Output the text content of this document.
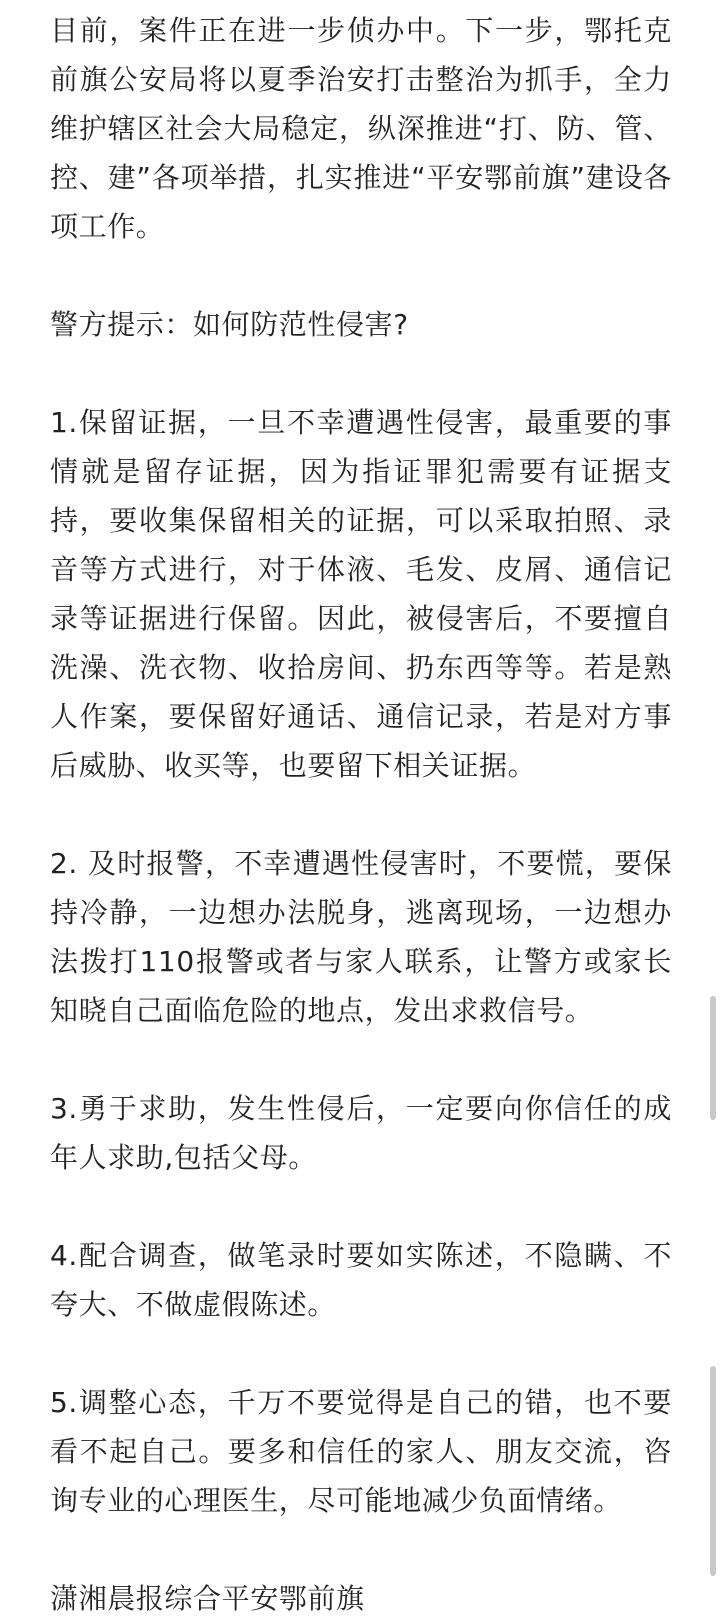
目前，案件正在进一步侦办中。下一步，鄂托克前旗公安局将以夏季治安打击整治为抓手，全力维护辖区社会大局稳定，纵深推进“打、防、管、控、建”各项举措，扎实推进“平安鄂前旗”建设各项工作。

警方提示：如何防范性侵害?

1.保留证据，一旦不幸遭遇性侵害，最重要的事情就是留存证据，因为指证罪犯需要有证据支持，要收集保留相关的证据，可以采取拍照、录音等方式进行，对于体液、毛发、皮屑、通信记录等证据进行保留。因此，被侵害后，不要擅自洗澡、洗衣物、收拾房间、扔东西等等。若是熟人作案，要保留好通话、通信记录，若是对方事后威胁、收买等，也要留下相关证据。

2. 及时报警，不幸遭遇性侵害时，不要慌，要保持冷静，一边想办法脱身，逃离现场，一边想办法拨打110报警或者与家人联系，让警方或家长知晓自己面临危险的地点，发出求救信号。

3.勇于求助，发生性侵后，一定要向你信任的成年人求助,包括父母。

4.配合调查，做笔录时要如实陈述，不隐瞒、不夸大、不做虚假陈述。

5.调整心态，千万不要觉得是自己的错，也不要看不起自己。要多和信任的家人、朋友交流，咨询专业的心理医生，尽可能地减少负面情绪。

潇湘晨报综合平安鄂前旗
